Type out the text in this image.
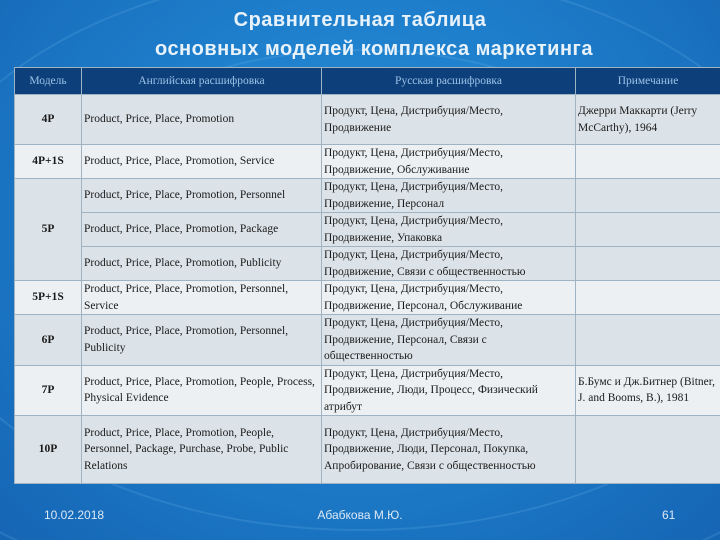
Сравнительная таблица
основных моделей комплекса маркетинга
Модель	Английская расшифровка	Русская расшифровка	Примечание
4P	Product, Price, Place, Promotion	Продукт, Цена, Дистрибуция/Место, Продвижение	Джерри Маккарти (Jerry McCarthy), 1964
4P+1S	Product, Price, Place, Promotion, Service	Продукт, Цена, Дистрибуция/Место, Продвижение, Обслуживание	
5P	Product, Price, Place, Promotion, Personnel	Продукт, Цена, Дистрибуция/Место, Продвижение, Персонал	
	Product, Price, Place, Promotion, Package	Продукт, Цена, Дистрибуция/Место, Продвижение, Упаковка	
	Product, Price, Place, Promotion, Publicity	Продукт, Цена, Дистрибуция/Место, Продвижение, Связи с общественностью	
5P+1S	Product, Price, Place, Promotion, Personnel, Service	Продукт, Цена, Дистрибуция/Место, Продвижение, Персонал, Обслуживание	
6P	Product, Price, Place, Promotion, Personnel, Publicity	Продукт, Цена, Дистрибуция/Место, Продвижение, Персонал, Связи с общественностью	
7P	Product, Price, Place, Promotion, People, Process, Physical Evidence	Продукт, Цена, Дистрибуция/Место, Продвижение, Люди, Процесс, Физический атрибут	Б.Бумс и Дж.Битнер (Bitner, J. and Booms, B.), 1981
10P	Product, Price, Place, Promotion, People, Personnel, Package, Purchase, Probe, Public Relations	Продукт, Цена, Дистрибуция/Место, Продвижение, Люди, Персонал, Покупка, Апробирование, Связи с общественностью	
10.02.2018	Абабкова М.Ю.	61
